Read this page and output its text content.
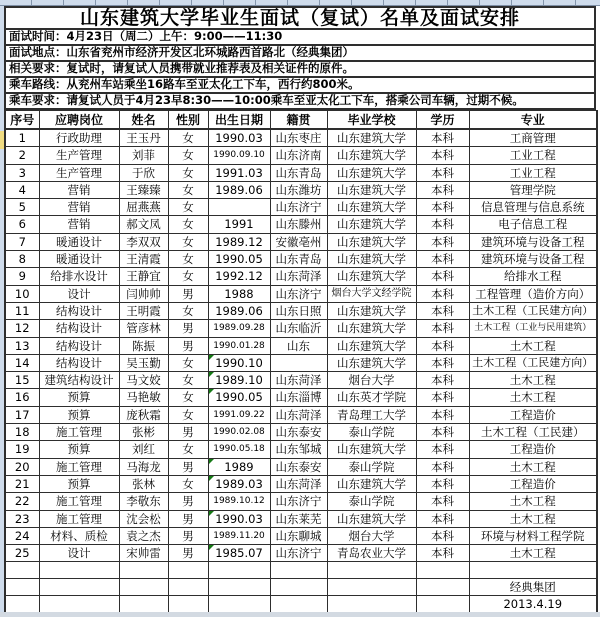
山东建筑大学毕业生面试（复试）名单及面试安排
面试时间：4月23日（周二）上午：9:00——11:30
面试地点：山东省兖州市经济开发区北环城路西首路北（经典集团）
相关要求：复试时，请复试人员携带就业推荐表及相关证件的原件。
乘车路线：从兖州车站乘坐16路车至亚太化工下车，西行约800米。
乘车要求：请复试人员于4月23早8:30——10:00乘车至亚太化工下车，搭乘公司车辆，过期不候。
序号	应聘岗位	姓名	性别	出生日期	籍贯	毕业学校	学历	专业
1	行政助理	王玉丹	女	1990.03	山东枣庄	山东建筑大学	本科	工商管理
2	生产管理	刘菲	女	1990.09.10	山东济南	山东建筑大学	本科	工业工程
3	生产管理	于欣	女	1991.03	山东青岛	山东建筑大学	本科	工业工程
4	营销	王臻臻	女	1989.06	山东潍坊	山东建筑大学	本科	管理学院
5	营销	屈燕燕	女		山东济宁	山东建筑大学	本科	信息管理与信息系统
6	营销	郝文凤	女	1991	山东滕州	山东建筑大学	本科	电子信息工程
7	暖通设计	李双双	女	1989.12	安徽亳州	山东建筑大学	本科	建筑环境与设备工程
8	暖通设计	王清霞	女	1990.05	山东青岛	山东建筑大学	本科	建筑环境与设备工程
9	给排水设计	王静宜	女	1992.12	山东菏泽	山东建筑大学	本科	给排水工程
10	设计	闫帅帅	男	1988	山东济宁	烟台大学文经学院	本科	工程管理（造价方向）
11	结构设计	王明霞	女	1989.06	山东日照	山东建筑大学	本科	土木工程（工民建方向）
12	结构设计	管彦林	男	1989.09.28	山东临沂	山东建筑大学	本科	土木工程（工业与民用建筑）
13	结构设计	陈振	男	1990.01.28	山东	山东建筑大学	本科	土木工程
14	结构设计	吴玉勤	女	1990.10		山东建筑大学	本科	土木工程（工民建方向）
15	建筑结构设计	马文姣	女	1989.10	山东菏泽	烟台大学	本科	土木工程
16	预算	马艳敏	女	1990.05	山东淄博	山东英才学院	本科	土木工程
17	预算	庞秋霜	女	1991.09.22	山东菏泽	青岛理工大学	本科	工程造价
18	施工管理	张彬	男	1990.02.08	山东泰安	泰山学院	本科	土木工程（工民建）
19	预算	刘红	女	1990.05.18	山东邹城	山东建筑大学	本科	工程造价
20	施工管理	马海龙	男	1989	山东泰安	泰山学院	本科	土木工程
21	预算	张林	女	1989.03	山东菏泽	山东建筑大学	本科	工程造价
22	施工管理	李敬东	男	1989.10.12	山东济宁	泰山学院	本科	土木工程
23	施工管理	沈会松	男	1990.03	山东莱芜	山东建筑大学	本科	土木工程
24	材料、质检	袁之杰	男	1989.11.20	山东聊城	烟台大学	本科	环境与材料工程学院
25	设计	宋帅雷	男	1985.07	山东济宁	青岛农业大学	本科	土木工程

								经典集团
								2013.4.19
